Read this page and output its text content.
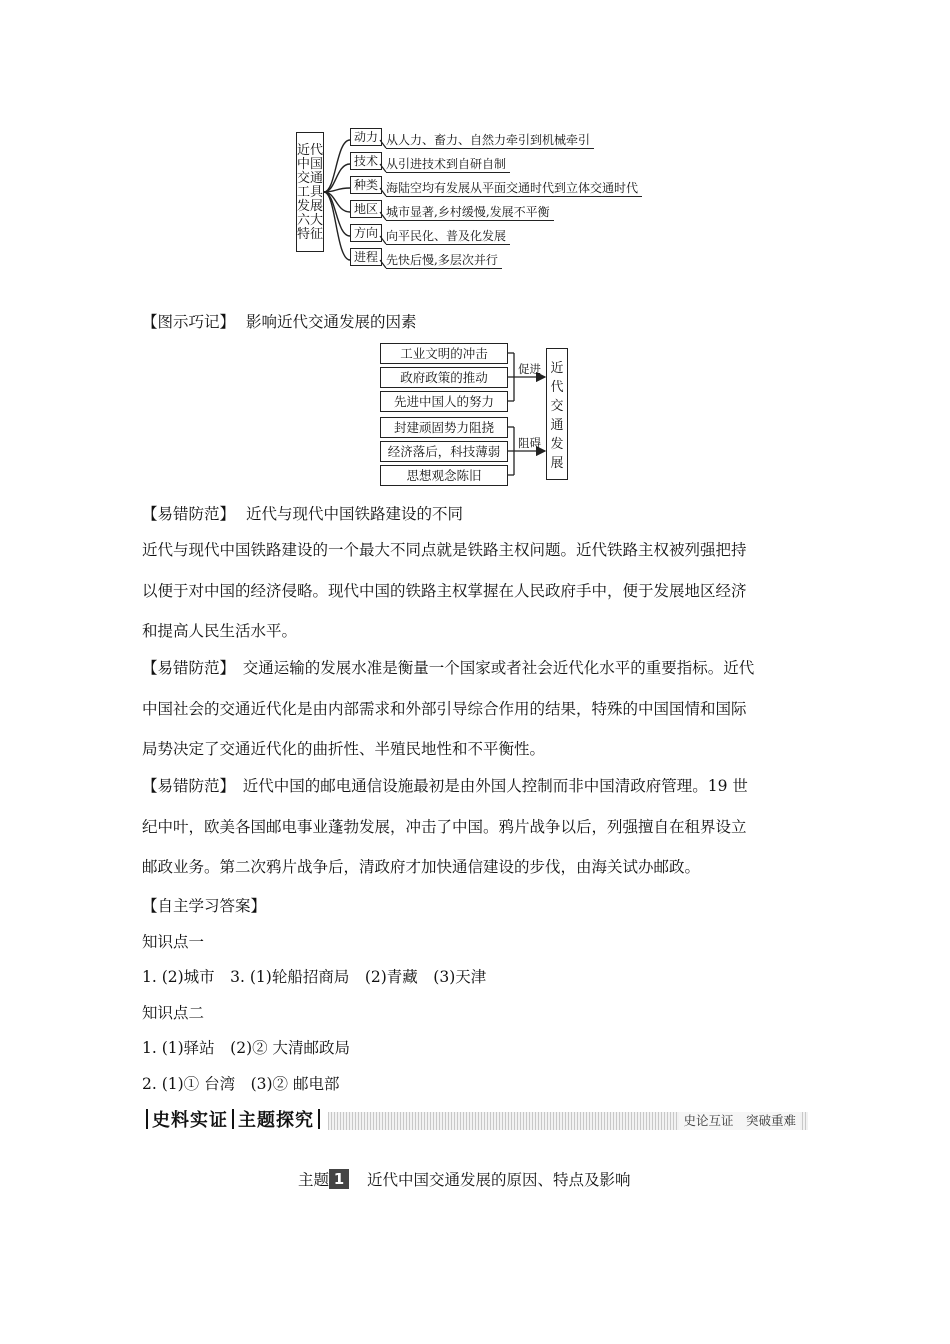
近代
中国
交通
工具
发展
六大
特征
动力 从人力、畜力、自然力牵引到机械牵引
技术 从引进技术到自研自制
种类 海陆空均有发展从平面交通时代到立体交通时代
地区 城市显著,乡村缓慢,发展不平衡
方向 向平民化、普及化发展
进程 先快后慢,多层次并行
【图示巧记】 影响近代交通发展的因素
工业文明的冲击
政府政策的推动
先进中国人的努力
封建顽固势力阻挠
经济落后，科技薄弱
思想观念陈旧
促进
阻碍
近
代
交
通
发
展
【易错防范】 近代与现代中国铁路建设的不同
近代与现代中国铁路建设的一个最大不同点就是铁路主权问题。近代铁路主权被列强把持
以便于对中国的经济侵略。现代中国的铁路主权掌握在人民政府手中，便于发展地区经济
和提高人民生活水平。
【易错防范】　交通运输的发展水准是衡量一个国家或者社会近代化水平的重要指标。近代
中国社会的交通近代化是由内部需求和外部引导综合作用的结果，特殊的中国国情和国际
局势决定了交通近代化的曲折性、半殖民地性和不平衡性。
【易错防范】　近代中国的邮电通信设施最初是由外国人控制而非中国清政府管理。19 世
纪中叶，欧美各国邮电事业蓬勃发展，冲击了中国。鸦片战争以后，列强擅自在租界设立
邮政业务。第二次鸦片战争后，清政府才加快通信建设的步伐，由海关试办邮政。
【自主学习答案】
知识点一
1. (2)城市　3. (1)轮船招商局　(2)青藏　(3)天津
知识点二
1. (1)驿站　(2)② 大清邮政局
2. (1)① 台湾　(3)② 邮电部
史料实证 主题探究	史论互证　突破重难
主题 1 近代中国交通发展的原因、特点及影响
